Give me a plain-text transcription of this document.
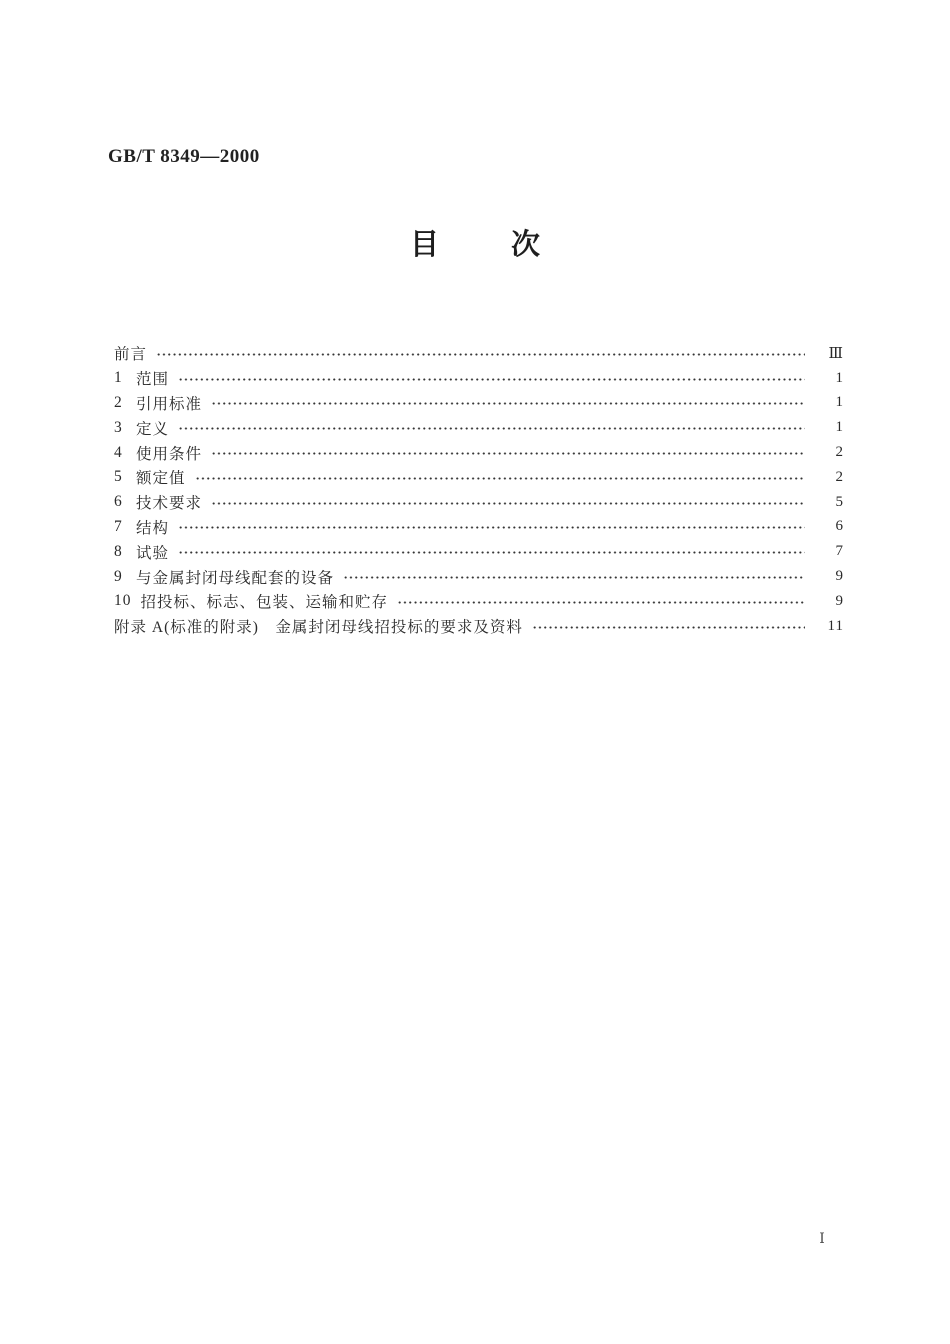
GB/T 8349—2000
目次
前言	Ⅲ
1 范围	1
2 引用标准	1
3 定义	1
4 使用条件	2
5 额定值	2
6 技术要求	5
7 结构	6
8 试验	7
9 与金属封闭母线配套的设备	9
10 招投标、标志、包装、运输和贮存	9
附录 A(标准的附录)　金属封闭母线招投标的要求及资料	11
Ⅰ
